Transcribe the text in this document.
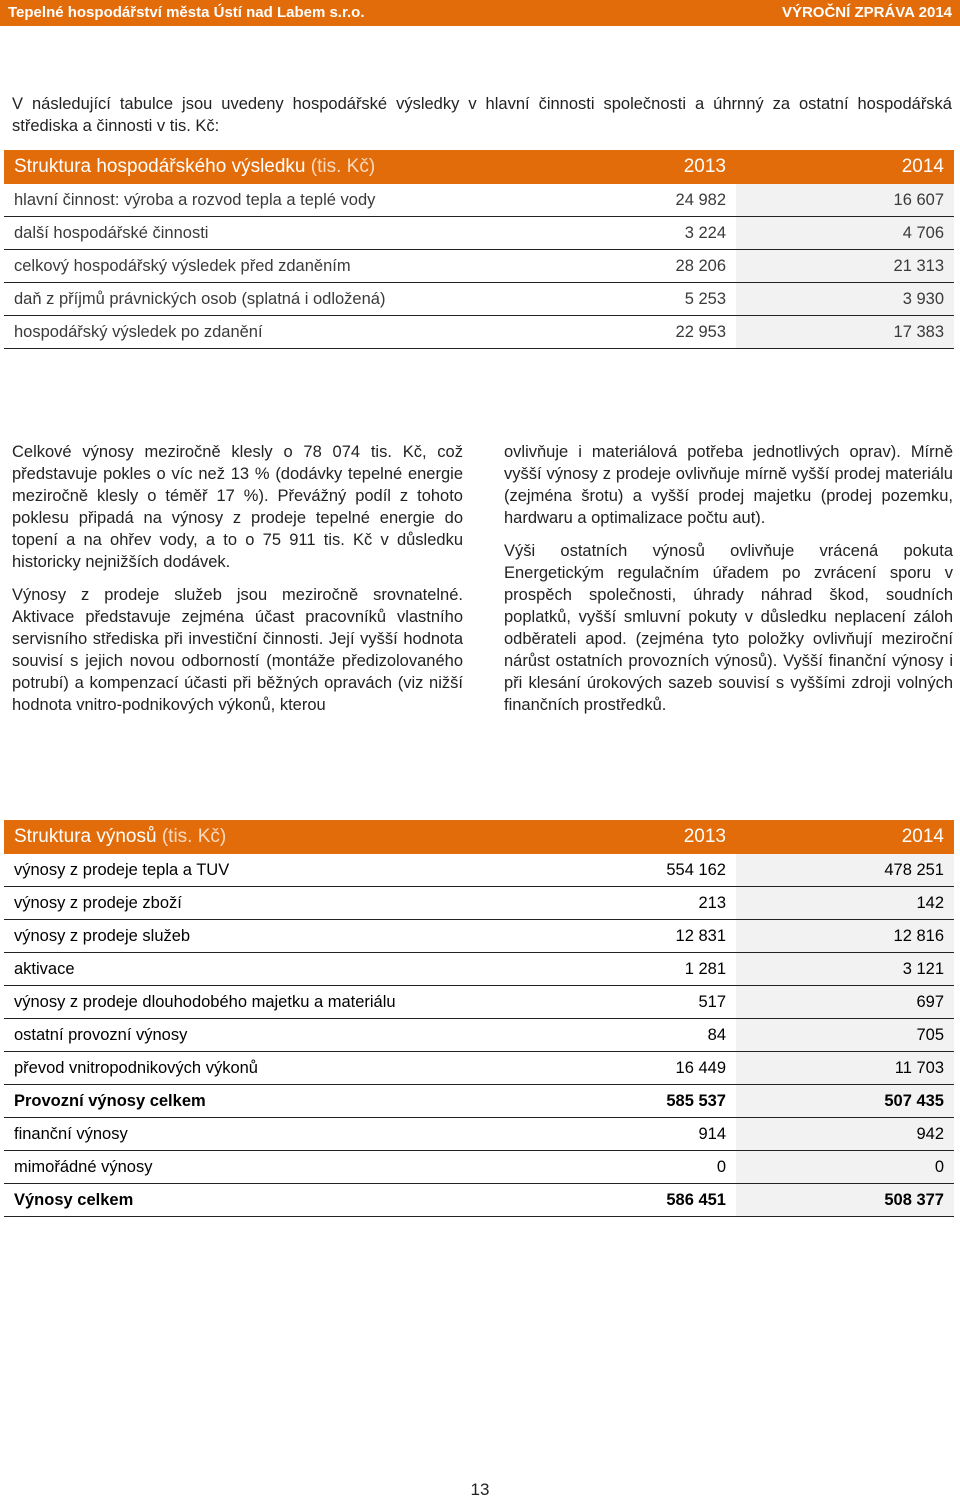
Tepelné hospodářství města Ústí nad Labem s.r.o.	VÝROČNÍ ZPRÁVA 2014

V následující tabulce jsou uvedeny hospodářské výsledky v hlavní činnosti společnosti a úhrnný za ostatní hospodářská střediska a činnosti v tis. Kč:

Struktura hospodářského výsledku (tis. Kč)	2013	2014
hlavní činnost: výroba a rozvod tepla a teplé vody	24 982	16 607
další hospodářské činnosti	3 224	4 706
celkový hospodářský výsledek před zdaněním	28 206	21 313
daň z příjmů právnických osob (splatná i odložená)	5 253	3 930
hospodářský výsledek po zdanění	22 953	17 383

Celkové výnosy meziročně klesly o 78 074 tis. Kč, což představuje pokles o víc než 13 % (dodávky tepelné energie meziročně klesly o téměř 17 %). Převážný podíl z tohoto poklesu připadá na výnosy z prodeje tepelné energie do topení a na ohřev vody, a to o 75 911 tis. Kč v důsledku historicky nejnižších dodávek.

Výnosy z prodeje služeb jsou meziročně srovnatelné. Aktivace představuje zejména účast pracovníků vlastního servisního střediska při investiční činnosti. Její vyšší hodnota souvisí s jejich novou odborností (montáže předizolovaného potrubí) a kompenzací účasti při běžných opravách (viz nižší hodnota vnitro-podnikových výkonů, kterou

ovlivňuje i materiálová potřeba jednotlivých oprav). Mírně vyšší výnosy z prodeje ovlivňuje mírně vyšší prodej materiálu (zejména šrotu) a vyšší prodej majetku (prodej pozemku, hardwaru a optimalizace počtu aut).

Výši ostatních výnosů ovlivňuje vrácená pokuta Energetickým regulačním úřadem po zvrácení sporu v prospěch společnosti, úhrady náhrad škod, soudních poplatků, vyšší smluvní pokuty v důsledku neplacení záloh odběrateli apod. (zejména tyto položky ovlivňují meziroční nárůst ostatních provozních výnosů). Vyšší finanční výnosy i při klesání úrokových sazeb souvisí s vyššími zdroji volných finančních prostředků.

Struktura výnosů (tis. Kč)	2013	2014
výnosy z prodeje tepla a TUV	554 162	478 251
výnosy z prodeje zboží	213	142
výnosy z prodeje služeb	12 831	12 816
aktivace	1 281	3 121
výnosy z prodeje dlouhodobého majetku a materiálu	517	697
ostatní provozní výnosy	84	705
převod vnitropodnikových výkonů	16 449	11 703
Provozní výnosy celkem	585 537	507 435
finanční výnosy	914	942
mimořádné výnosy	0	0
Výnosy celkem	586 451	508 377
13
